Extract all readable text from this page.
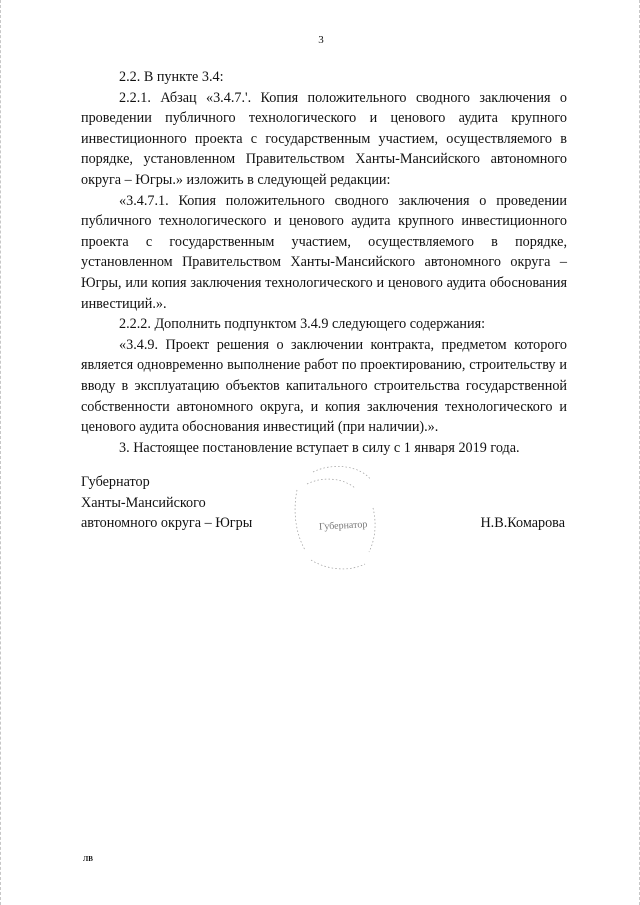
3

2.2. В пункте 3.4:

2.2.1. Абзац «3.4.7.'. Копия положительного сводного заключения о проведении публичного технологического и ценового аудита крупного инвестиционного проекта с государственным участием, осуществляемого в порядке, установленном Правительством Ханты-Мансийского автономного округа – Югры.» изложить в следующей редакции:

«3.4.7.1. Копия положительного сводного заключения о проведении публичного технологического и ценового аудита крупного инвестиционного проекта с государственным участием, осуществляемого в порядке, установленном Правительством Ханты-Мансийского автономного округа – Югры, или копия заключения технологического и ценового аудита обоснования инвестиций.».

2.2.2. Дополнить подпунктом 3.4.9 следующего содержания:

«3.4.9. Проект решения о заключении контракта, предметом которого является одновременно выполнение работ по проектированию, строительству и вводу в эксплуатацию объектов капитального строительства государственной собственности автономного округа, и копия заключения технологического и ценового аудита обоснования инвестиций (при наличии).».

3. Настоящее постановление вступает в силу с 1 января 2019 года.

Губернатор
Ханты-Мансийского
автономного округа – Югры	Губернатор	Н.В.Комарова
ЛВ
